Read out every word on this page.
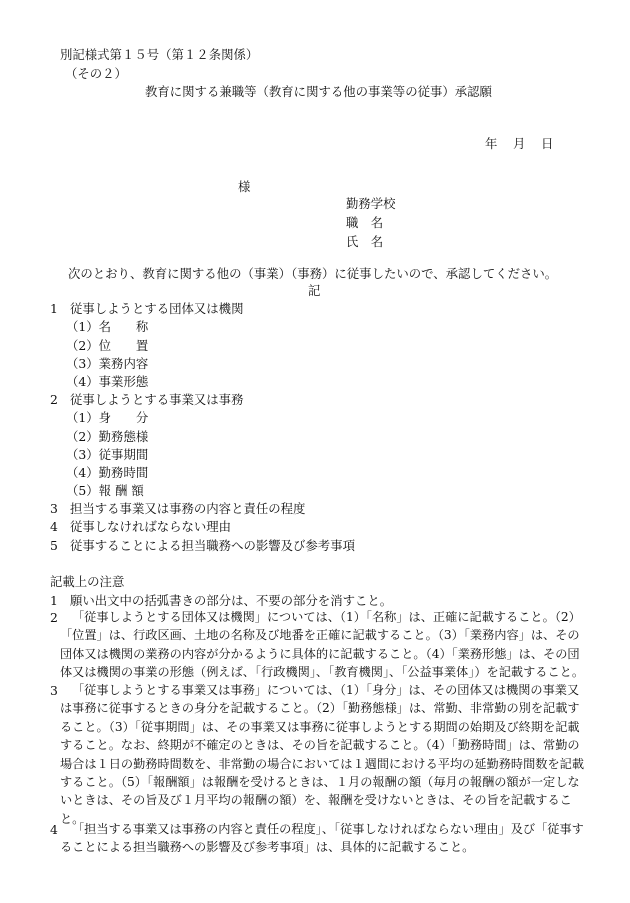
別記様式第１５号（第１２条関係）
（その２）
教育に関する兼職等（教育に関する他の事業等の従事）承認願
年 月 日
様
勤務学校
職　名
氏　名
次のとおり、教育に関する他の（事業）（事務）に従事したいので、承認してください。
記
1 従事しようとする団体又は機関
（1）名　　称
（2）位　　置
（3）業務内容
（4）事業形態
2 従事しようとする事業又は事務
（1）身　　分
（2）勤務態様
（3）従事期間
（4）勤務時間
（5）報 酬 額
3 担当する事業又は事務の内容と責任の程度
4 従事しなければならない理由
5 従事することによる担当職務への影響及び参考事項
記載上の注意
1 願い出文中の括弧書きの部分は、不要の部分を消すこと。
2	「従事しようとする団体又は機関」については、（1）「名称」は、正確に記載すること。（2）「位置」は、行政区画、土地の名称及び地番を正確に記載すること。（3）「業務内容」は、その団体又は機関の業務の内容が分かるように具体的に記載すること。（4）「業務形態」は、その団体又は機関の事業の形態（例えば、「行政機関」、「教育機関」、「公益事業体」）を記載すること。
3	「従事しようとする事業又は事務」については、（1）「身分」は、その団体又は機関の事業又は事務に従事するときの身分を記載すること。（2）「勤務態様」は、常勤、非常勤の別を記載すること。（3）「従事期間」は、その事業又は事務に従事しようとする期間の始期及び終期を記載すること。なお、終期が不確定のときは、その旨を記載すること。（4）「勤務時間」は、常勤の場合は１日の勤務時間数を、非常勤の場合においては１週間における平均の延勤務時間数を記載すること。（5）「報酬額」は報酬を受けるときは、１月の報酬の額（毎月の報酬の額が一定しないときは、その旨及び１月平均の報酬の額）を、報酬を受けないときは、その旨を記載すること。
4	「担当する事業又は事務の内容と責任の程度」、「従事しなければならない理由」及び「従事することによる担当職務への影響及び参考事項」は、具体的に記載すること。
